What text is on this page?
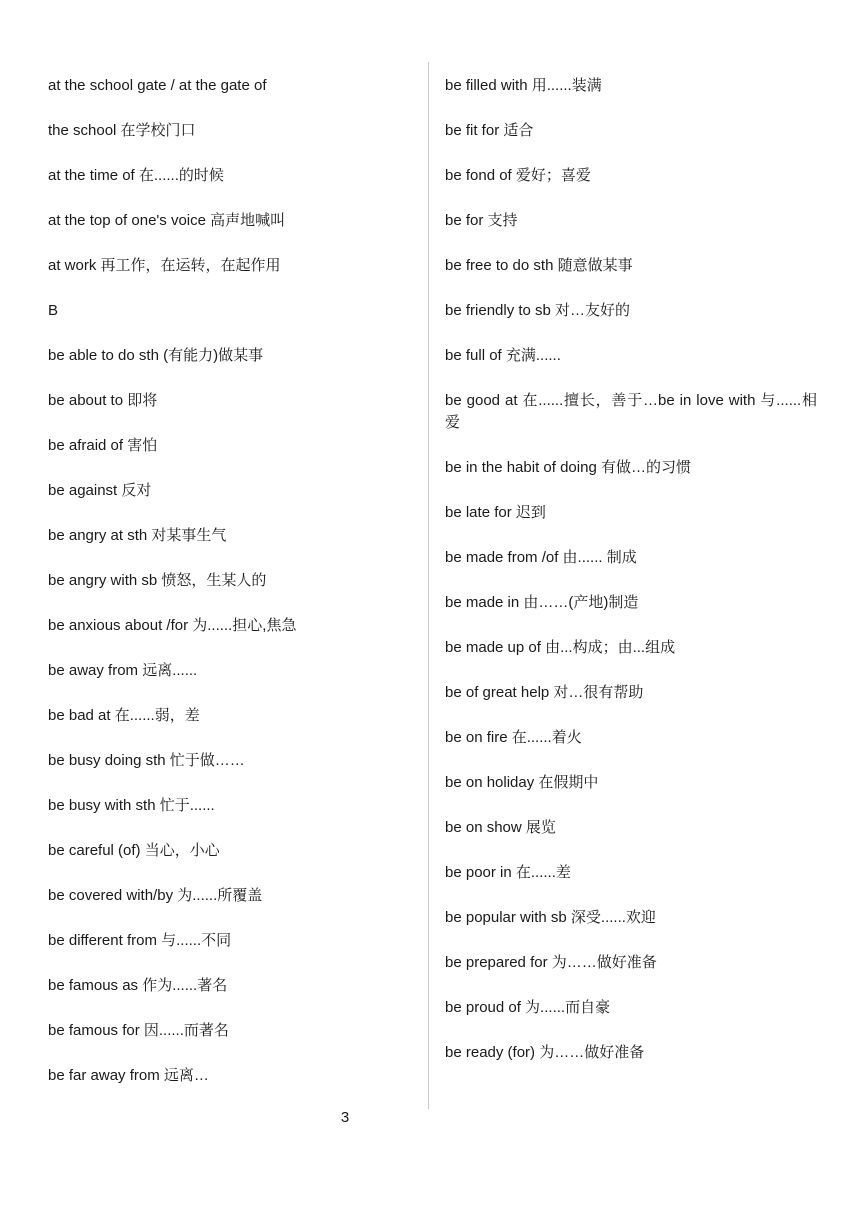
at the school gate / at the gate of
the school 在学校门口
at the time of 在......的时候
at the top of one's voice 高声地喊叫
at work 再工作，在运转，在起作用
B
be able to do sth (有能力)做某事
be about to 即将
be afraid of 害怕
be against 反对
be angry at sth 对某事生气
be angry with sb 愤怒，生某人的
be anxious about /for 为......担心,焦急
be away from 远离......
be bad at 在......弱，差
be busy doing sth 忙于做……
be busy with sth 忙于......
be careful (of) 当心，小心
be covered with/by 为......所覆盖
be different from 与......不同
be famous as 作为......著名
be famous for 因......而著名
be far away from 远离…
be filled with 用......装满
be fit for 适合
be fond of 爱好；喜爱
be for 支持
be free to do sth 随意做某事
be friendly to sb 对…友好的
be full of 充满......
be good at 在......擅长，善于…be in love with 与......相爱
be in the habit of doing 有做…的习惯
be late for 迟到
be made from /of 由...... 制成
be made in 由……(产地)制造
be made up of 由...构成；由...组成
be of great help 对…很有帮助
be on fire 在......着火
be on holiday 在假期中
be on show 展览
be poor in 在......差
be popular with sb 深受......欢迎
be prepared for 为……做好准备
be proud of 为......而自豪
be ready (for) 为……做好准备
3
